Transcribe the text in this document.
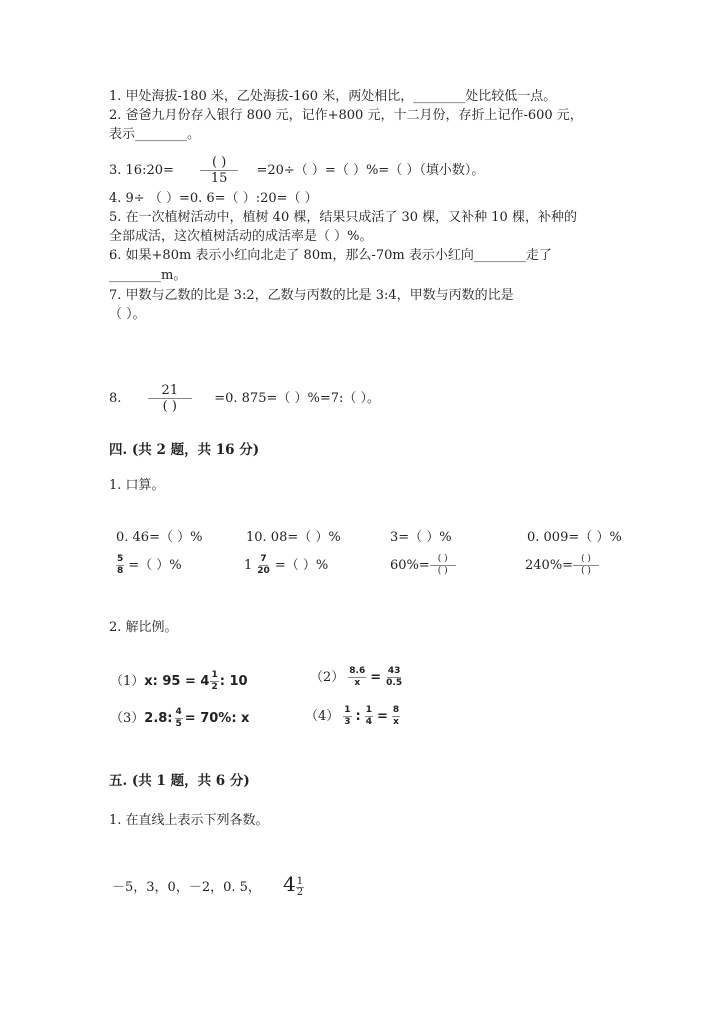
1. 甲处海拔-180 米，乙处海拔-160 米，两处相比，________处比较低一点。
2. 爸爸九月份存入银行 800 元，记作+800 元，十二月份，存折上记作-600 元，
表示________。
3. 16:20= $\frac{( )}{15} =20\div$（ ）=（ ）%=（ ）（填小数）。
4. 9÷ （ ）=0. 6=（ ）:20=（ ）
5. 在一次植树活动中，植树 40 棵，结果只成活了 30 棵，又补种 10 棵，补种的
全部成活，这次植树活动的成活率是（ ）%。
6. 如果+80m 表示小红向北走了 80m，那么-70m 表示小红向________走了
________m。
7. 甲数与乙数的比是 3:2，乙数与丙数的比是 3:4，甲数与丙数的比是
（ ）。
8. $\frac{21}{( )} =0$. 875=（ ）%=7:（ ）。
四. (共 2 题，共 16 分)
1. 口算。
0. 46=（ ）%	10. 08=（ ）%	3=（ ）%	0. 009=（ ）%
$\frac{5}{8}$ =（ ）%	$1 \frac{7}{20}$ =（ ）%	$60\%= \frac{( )}{( )}$	$240\%= \frac{( )}{( )}$
2. 解比例。
（1）x: $95 = 4 \frac{1}{2}$ : 10	$(2) \frac{8.6}{x} = \frac{43}{0.5}$
（3）2.8: $\frac{4}{5} = 70\%$: x	$(4) \frac{1}{3}$ : $\frac{1}{4} = \frac{8}{x}$
五. (共 1 题，共 6 分)
1. 在直线上表示下列各数。
－5，3，0，－2，0. 5， $4 \frac{1}{2}$
